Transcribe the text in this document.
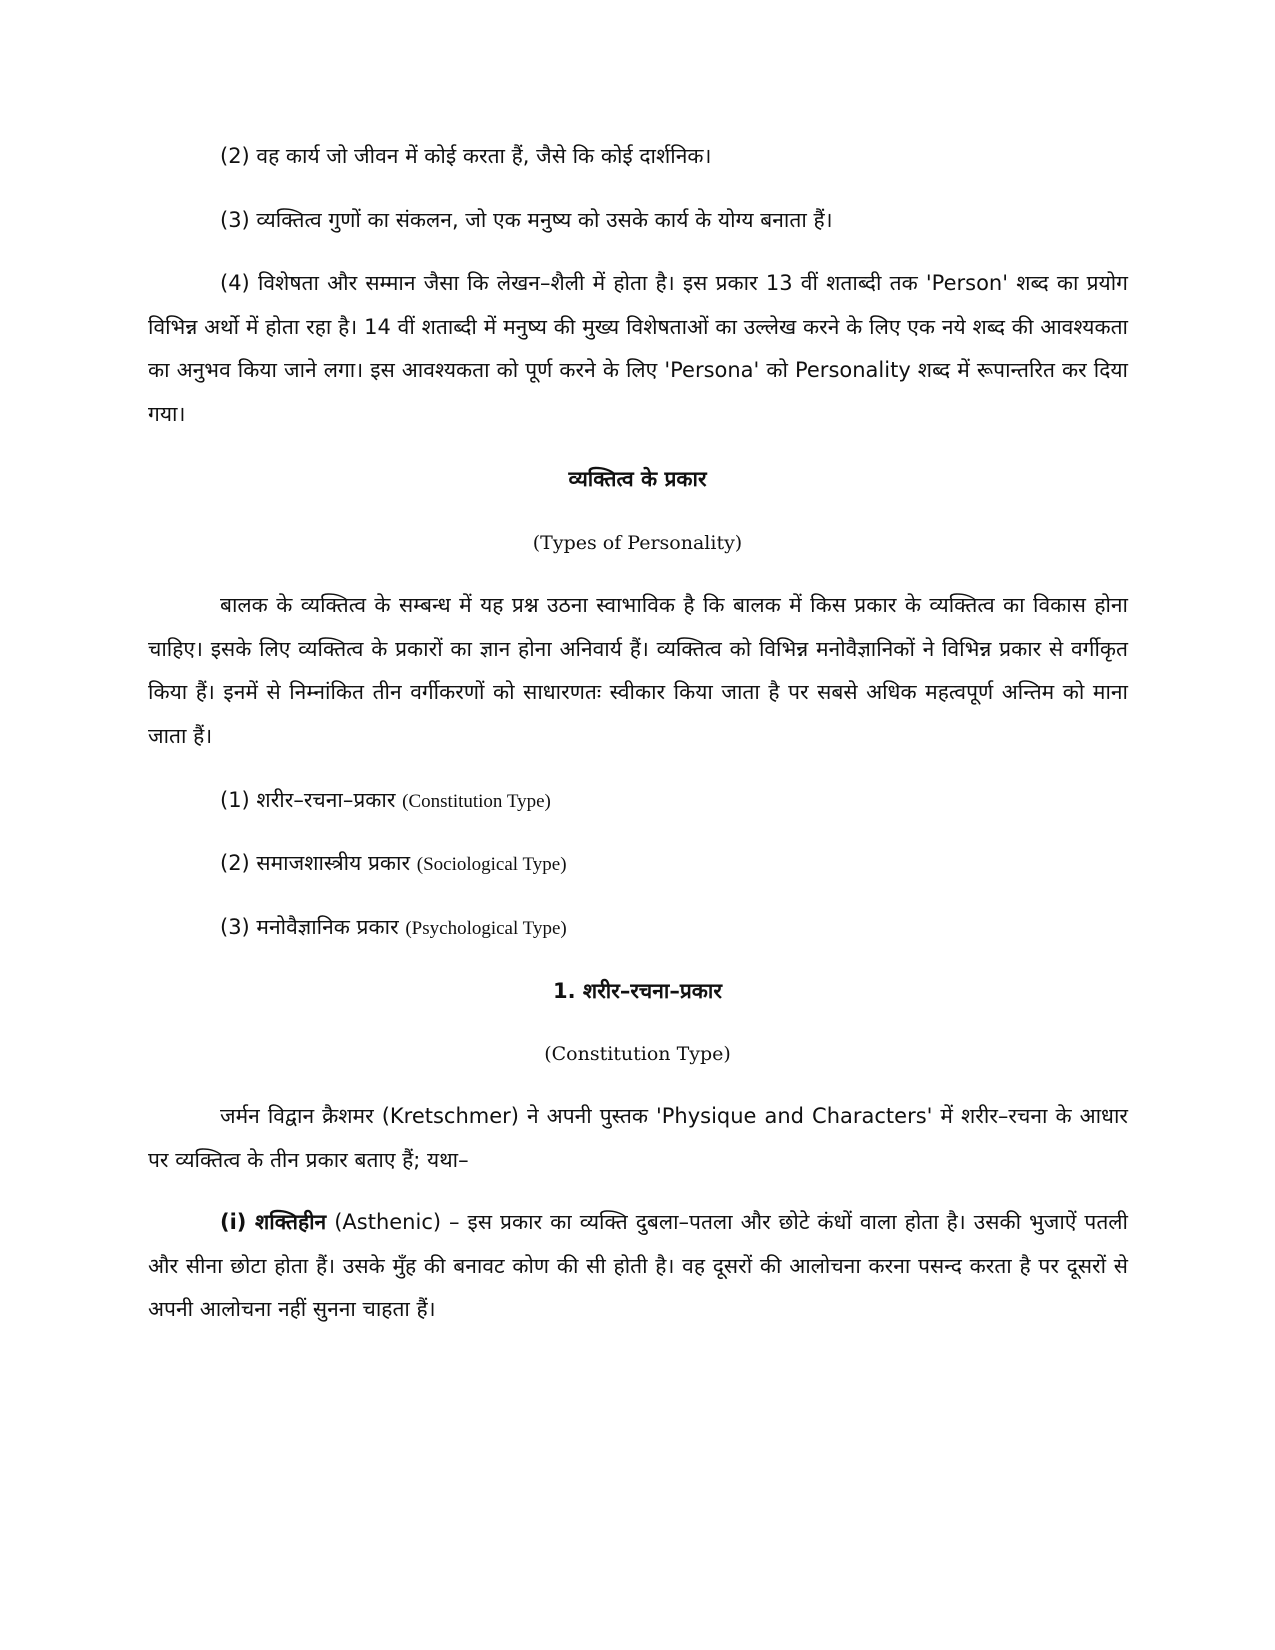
(2) वह कार्य जो जीवन में कोई करता हैं, जैसे कि कोई दार्शनिक।

(3) व्यक्तित्व गुणों का संकलन, जो एक मनुष्य को उसके कार्य के योग्य बनाता हैं।

(4) विशेषता और सम्मान जैसा कि लेखन–शैली में होता है। इस प्रकार 13 वीं शताब्दी तक 'Person' शब्द का प्रयोग विभिन्न अर्थो में होता रहा है। 14 वीं शताब्दी में मनुष्य की मुख्य विशेषताओं का उल्लेख करने के लिए एक नये शब्द की आवश्यकता का अनुभव किया जाने लगा। इस आवश्यकता को पूर्ण करने के लिए 'Persona' को Personality शब्द में रूपान्तरित कर दिया गया।

व्यक्तित्व के प्रकार

(Types of Personality)

बालक के व्यक्तित्व के सम्बन्ध में यह प्रश्न उठना स्वाभाविक है कि बालक में किस प्रकार के व्यक्तित्व का विकास होना चाहिए। इसके लिए व्यक्तित्व के प्रकारों का ज्ञान होना अनिवार्य हैं। व्यक्तित्व को विभिन्न मनोवैज्ञानिकों ने विभिन्न प्रकार से वर्गीकृत किया हैं। इनमें से निम्नांकित तीन वर्गीकरणों को साधारणतः स्वीकार किया जाता है पर सबसे अधिक महत्वपूर्ण अन्तिम को माना जाता हैं।

(1) शरीर–रचना–प्रकार (Constitution Type)

(2) समाजशास्त्रीय प्रकार (Sociological Type)

(3) मनोवैज्ञानिक प्रकार (Psychological Type)

1. शरीर–रचना–प्रकार

(Constitution Type)

जर्मन विद्वान क्रैशमर (Kretschmer) ने अपनी पुस्तक 'Physique and Characters' में शरीर–रचना के आधार पर व्यक्तित्व के तीन प्रकार बताए हैं; यथा–

(i) शक्तिहीन (Asthenic) – इस प्रकार का व्यक्ति दुबला–पतला और छोटे कंधों वाला होता है। उसकी भुजाऐं पतली और सीना छोटा होता हैं। उसके मुँह की बनावट कोण की सी होती है। वह दूसरों की आलोचना करना पसन्द करता है पर दूसरों से अपनी आलोचना नहीं सुनना चाहता हैं।
